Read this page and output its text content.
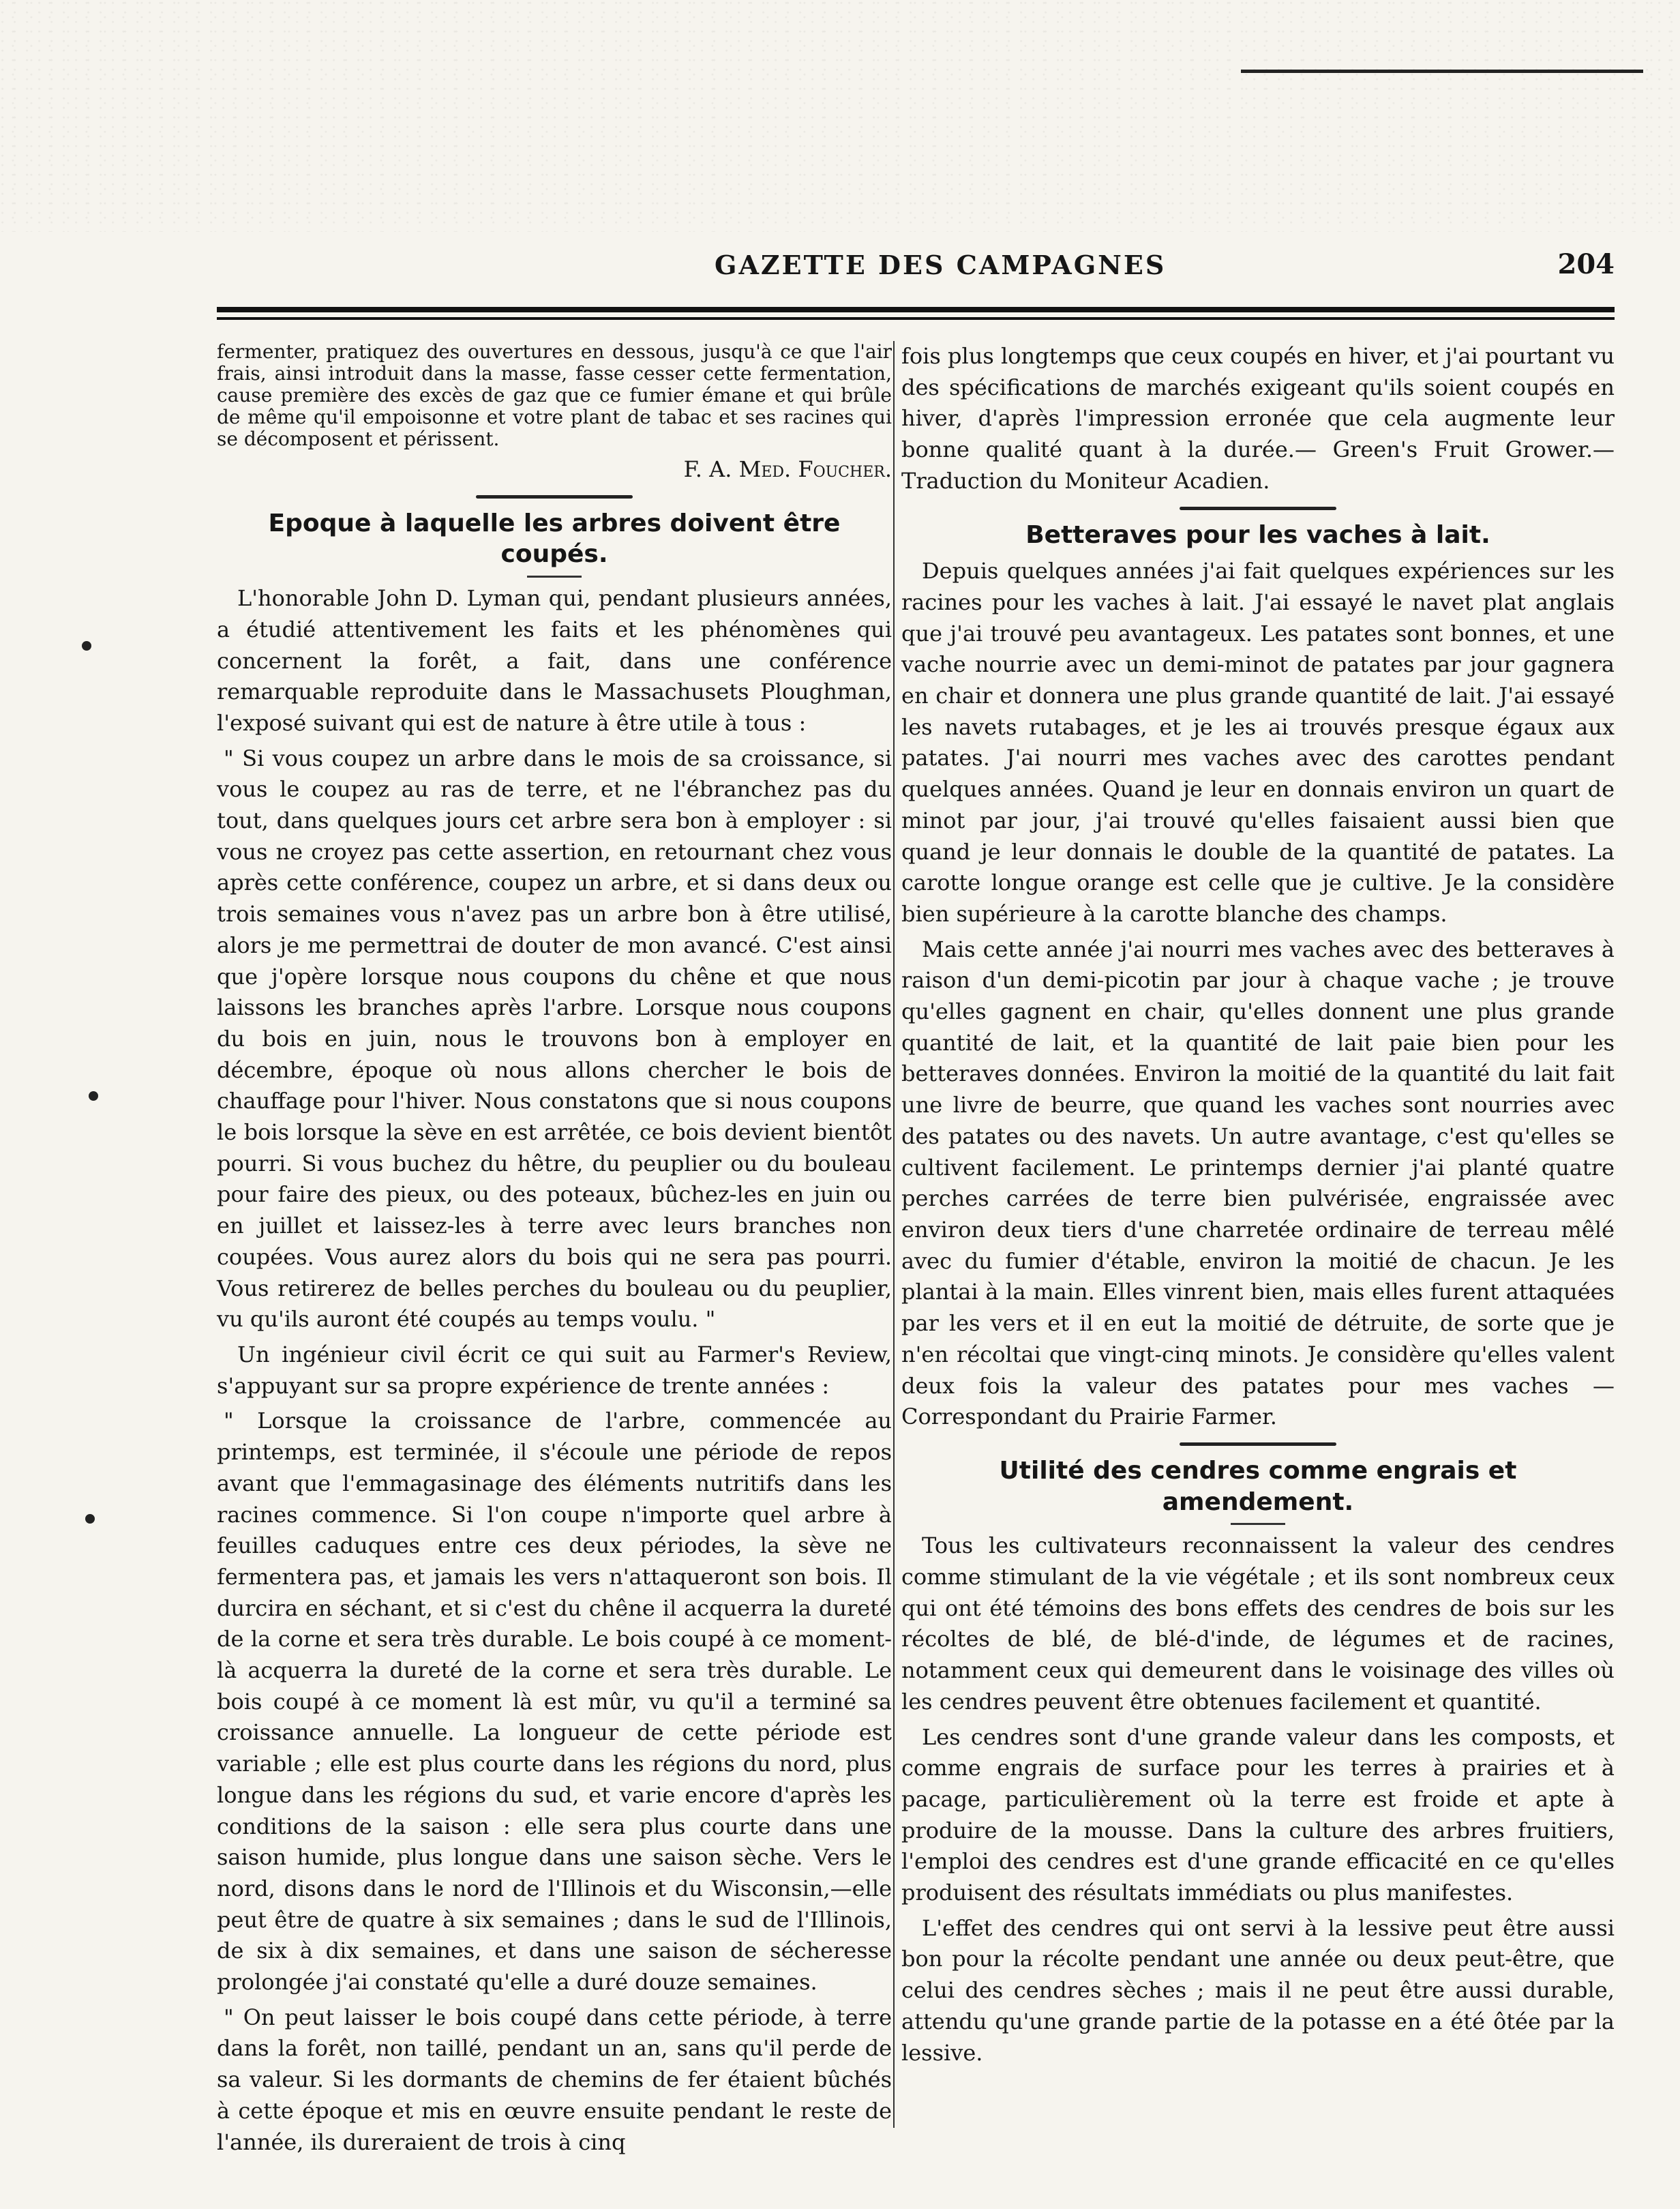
GAZETTE DES CAMPAGNES	204

fermenter, pratiquez des ouvertures en dessous, jusqu'à ce que l'air frais, ainsi introduit dans la masse, fasse cesser cette fermentation, cause première des excès de gaz que ce fumier émane et qui brûle de même qu'il empoisonne et votre plant de tabac et ses racines qui se décomposent et périssent.

F. A. Med. Foucher.
Epoque à laquelle les arbres doivent être coupés.

L'honorable John D. Lyman qui, pendant plusieurs années, a étudié attentivement les faits et les phénomènes qui concernent la forêt, a fait, dans une conférence remarquable reproduite dans le Massachusets Ploughman, l'exposé suivant qui est de nature à être utile à tous :

" Si vous coupez un arbre dans le mois de sa croissance, si vous le coupez au ras de terre, et ne l'ébranchez pas du tout, dans quelques jours cet arbre sera bon à employer : si vous ne croyez pas cette assertion, en retournant chez vous après cette conférence, coupez un arbre, et si dans deux ou trois semaines vous n'avez pas un arbre bon à être utilisé, alors je me permettrai de douter de mon avancé. C'est ainsi que j'opère lorsque nous coupons du chêne et que nous laissons les branches après l'arbre. Lorsque nous coupons du bois en juin, nous le trouvons bon à employer en décembre, époque où nous allons chercher le bois de chauffage pour l'hiver. Nous constatons que si nous coupons le bois lorsque la sève en est arrêtée, ce bois devient bientôt pourri. Si vous buchez du hêtre, du peuplier ou du bouleau pour faire des pieux, ou des poteaux, bûchez-les en juin ou en juillet et laissez-les à terre avec leurs branches non coupées. Vous aurez alors du bois qui ne sera pas pourri. Vous retirerez de belles perches du bouleau ou du peuplier, vu qu'ils auront été coupés au temps voulu. "

Un ingénieur civil écrit ce qui suit au Farmer's Review, s'appuyant sur sa propre expérience de trente années :

" Lorsque la croissance de l'arbre, commencée au printemps, est terminée, il s'écoule une période de repos avant que l'emmagasinage des éléments nutritifs dans les racines commence. Si l'on coupe n'importe quel arbre à feuilles caduques entre ces deux périodes, la sève ne fermentera pas, et jamais les vers n'attaqueront son bois. Il durcira en séchant, et si c'est du chêne il acquerra la dureté de la corne et sera très durable. Le bois coupé à ce moment-là acquerra la dureté de la corne et sera très durable. Le bois coupé à ce moment là est mûr, vu qu'il a terminé sa croissance annuelle. La longueur de cette période est variable ; elle est plus courte dans les régions du nord, plus longue dans les régions du sud, et varie encore d'après les conditions de la saison : elle sera plus courte dans une saison humide, plus longue dans une saison sèche. Vers le nord, disons dans le nord de l'Illinois et du Wisconsin,—elle peut être de quatre à six semaines ; dans le sud de l'Illinois, de six à dix semaines, et dans une saison de sécheresse prolongée j'ai constaté qu'elle a duré douze semaines.

" On peut laisser le bois coupé dans cette période, à terre dans la forêt, non taillé, pendant un an, sans qu'il perde de sa valeur. Si les dormants de chemins de fer étaient bûchés à cette époque et mis en œuvre ensuite pendant le reste de l'année, ils dureraient de trois à cinq

fois plus longtemps que ceux coupés en hiver, et j'ai pourtant vu des spécifications de marchés exigeant qu'ils soient coupés en hiver, d'après l'impression erronée que cela augmente leur bonne qualité quant à la durée.— Green's Fruit Grower.—Traduction du Moniteur Acadien.

Betteraves pour les vaches à lait.

Depuis quelques années j'ai fait quelques expériences sur les racines pour les vaches à lait. J'ai essayé le navet plat anglais que j'ai trouvé peu avantageux. Les patates sont bonnes, et une vache nourrie avec un demi-minot de patates par jour gagnera en chair et donnera une plus grande quantité de lait. J'ai essayé les navets rutabages, et je les ai trouvés presque égaux aux patates. J'ai nourri mes vaches avec des carottes pendant quelques années. Quand je leur en donnais environ un quart de minot par jour, j'ai trouvé qu'elles faisaient aussi bien que quand je leur donnais le double de la quantité de patates. La carotte longue orange est celle que je cultive. Je la considère bien supérieure à la carotte blanche des champs.

Mais cette année j'ai nourri mes vaches avec des betteraves à raison d'un demi-picotin par jour à chaque vache ; je trouve qu'elles gagnent en chair, qu'elles donnent une plus grande quantité de lait, et la quantité de lait paie bien pour les betteraves données. Environ la moitié de la quantité du lait fait une livre de beurre, que quand les vaches sont nourries avec des patates ou des navets. Un autre avantage, c'est qu'elles se cultivent facilement. Le printemps dernier j'ai planté quatre perches carrées de terre bien pulvérisée, engraissée avec environ deux tiers d'une charretée ordinaire de terreau mêlé avec du fumier d'étable, environ la moitié de chacun. Je les plantai à la main. Elles vinrent bien, mais elles furent attaquées par les vers et il en eut la moitié de détruite, de sorte que je n'en récoltai que vingt-cinq minots. Je considère qu'elles valent deux fois la valeur des patates pour mes vaches — Correspondant du Prairie Farmer.

Utilité des cendres comme engrais et amendement.

Tous les cultivateurs reconnaissent la valeur des cendres comme stimulant de la vie végétale ; et ils sont nombreux ceux qui ont été témoins des bons effets des cendres de bois sur les récoltes de blé, de blé-d'inde, de légumes et de racines, notamment ceux qui demeurent dans le voisinage des villes où les cendres peuvent être obtenues facilement et quantité.

Les cendres sont d'une grande valeur dans les composts, et comme engrais de surface pour les terres à prairies et à pacage, particulièrement où la terre est froide et apte à produire de la mousse. Dans la culture des arbres fruitiers, l'emploi des cendres est d'une grande efficacité en ce qu'elles produisent des résultats immédiats ou plus manifestes.

L'effet des cendres qui ont servi à la lessive peut être aussi bon pour la récolte pendant une année ou deux peut-être, que celui des cendres sèches ; mais il ne peut être aussi durable, attendu qu'une grande partie de la potasse en a été ôtée par la lessive.
